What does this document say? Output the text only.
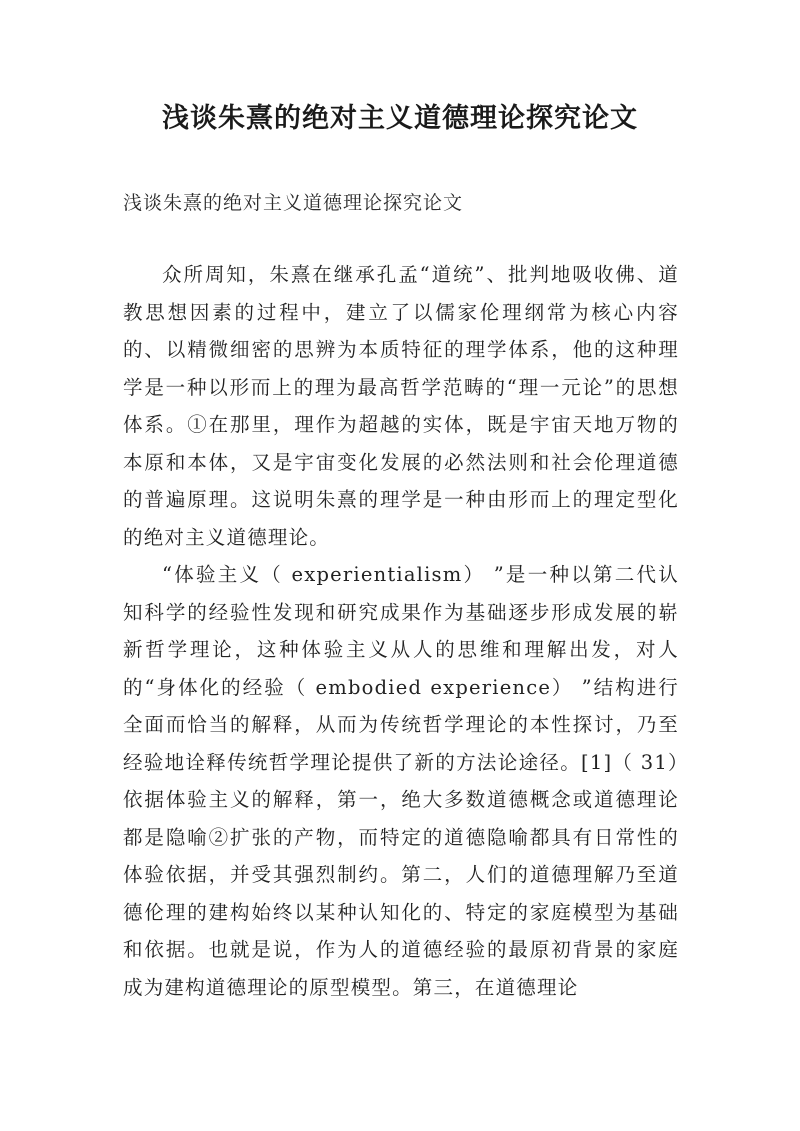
浅谈朱熹的绝对主义道德理论探究论文

浅谈朱熹的绝对主义道德理论探究论文

众所周知，朱熹在继承孔孟“道统”、批判地吸收佛、道教思想因素的过程中，建立了以儒家伦理纲常为核心内容的、以精微细密的思辨为本质特征的理学体系，他的这种理学是一种以形而上的理为最高哲学范畴的“理一元论”的思想体系。①在那里，理作为超越的实体，既是宇宙天地万物的本原和本体，又是宇宙变化发展的必然法则和社会伦理道德的普遍原理。这说明朱熹的理学是一种由形而上的理定型化的绝对主义道德理论。

“体验主义（ experientialism） ”是一种以第二代认知科学的经验性发现和研究成果作为基础逐步形成发展的崭新哲学理论，这种体验主义从人的思维和理解出发，对人的“身体化的经验（ embodied experience） ”结构进行全面而恰当的解释，从而为传统哲学理论的本性探讨，乃至经验地诠释传统哲学理论提供了新的方法论途径。[1]（ 31）依据体验主义的解释，第一，绝大多数道德概念或道德理论都是隐喻②扩张的产物，而特定的道德隐喻都具有日常性的体验依据，并受其强烈制约。第二，人们的道德理解乃至道德伦理的建构始终以某种认知化的、特定的家庭模型为基础和依据。也就是说，作为人的道德经验的最原初背景的家庭成为建构道德理论的原型模型。第三，在道德理论
